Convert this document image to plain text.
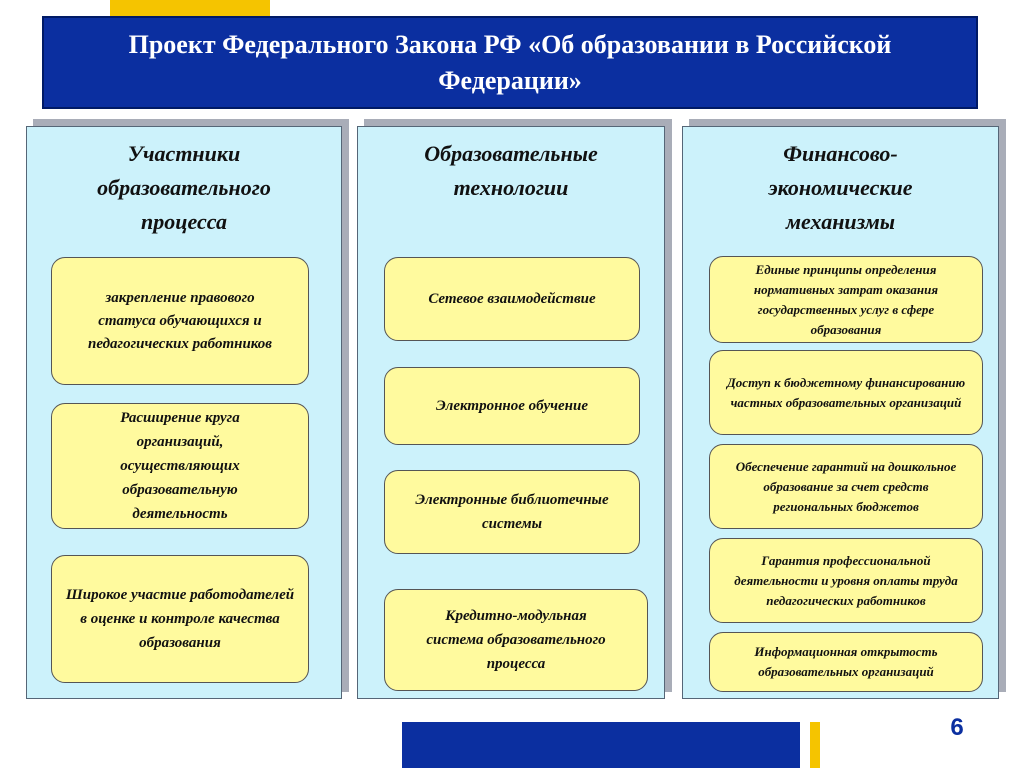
Проект Федерального Закона РФ «Об образовании в Российской Федерации»
Участники образовательного процесса
закрепление правового статуса обучающихся и педагогических работников
Расширение круга организаций, осуществляющих образовательную деятельность
Широкое участие работодателей в оценке и контроле качества образования
Образовательные технологии
Сетевое взаимодействие
Электронное обучение
Электронные библиотечные системы
Кредитно-модульная система образовательного процесса
Финансово-экономические механизмы
Единые принципы определения нормативных затрат оказания государственных услуг в сфере образования
Доступ к бюджетному финансированию частных образовательных организаций
Обеспечение гарантий на дошкольное образование за счет средств региональных бюджетов
Гарантия профессиональной деятельности и уровня оплаты труда педагогических работников
Информационная открытость образовательных организаций
6
